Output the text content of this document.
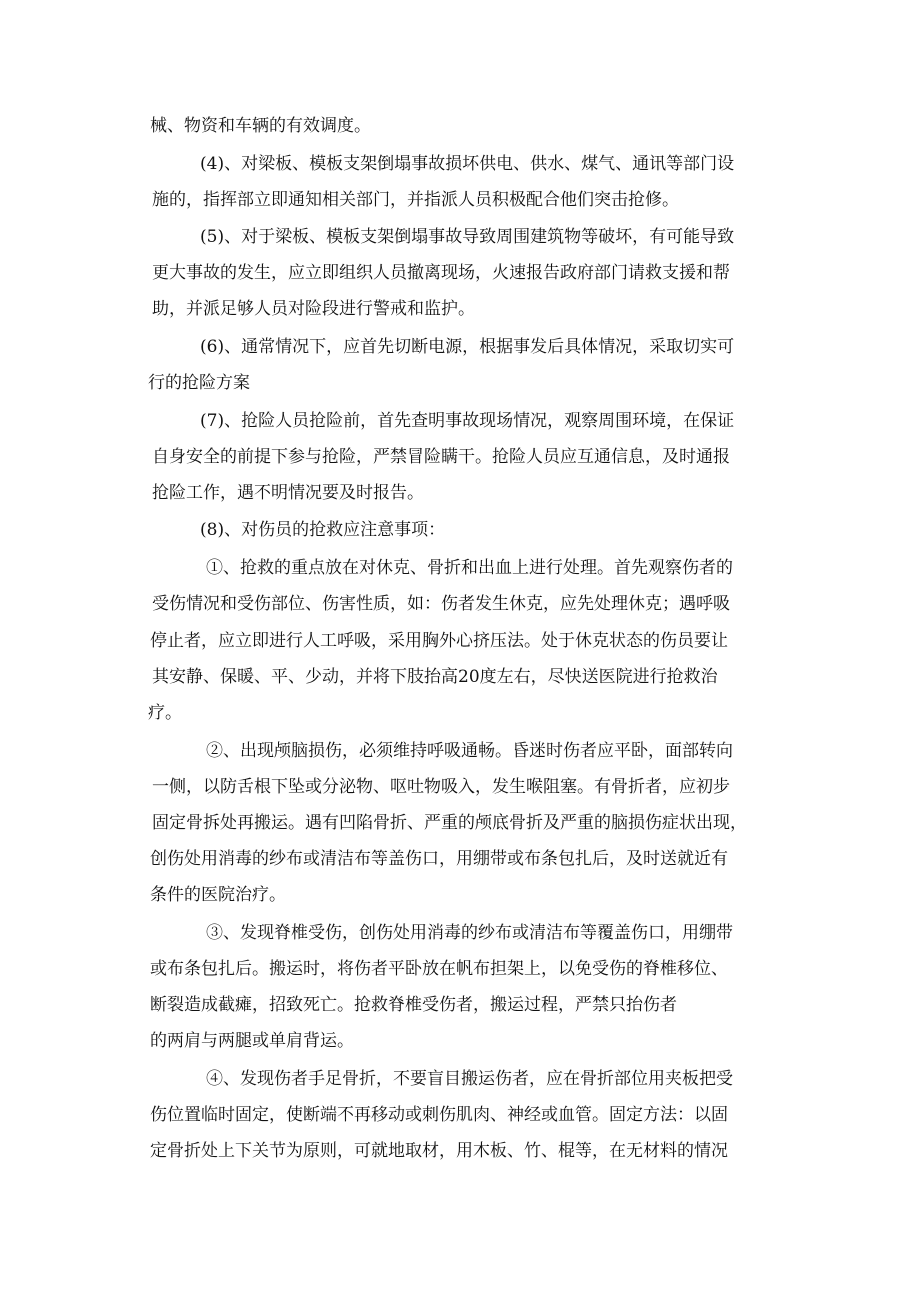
械、物资和车辆的有效调度。
(4)、对梁板、模板支架倒塌事故损坏供电、供水、煤气、通讯等部门设
施的，指挥部立即通知相关部门，并指派人员积极配合他们突击抢修。
(5)、对于梁板、模板支架倒塌事故导致周围建筑物等破坏，有可能导致
更大事故的发生，应立即组织人员撤离现场，火速报告政府部门请救支援和帮
助，并派足够人员对险段进行警戒和监护。
(6)、通常情况下，应首先切断电源，根据事发后具体情况，采取切实可
行的抢险方案
(7)、抢险人员抢险前，首先查明事故现场情况，观察周围环境，在保证
自身安全的前提下参与抢险，严禁冒险瞒干。抢险人员应互通信息，及时通报
抢险工作，遇不明情况要及时报告。
(8)、对伤员的抢救应注意事项：
①、抢救的重点放在对休克、骨折和出血上进行处理。首先观察伤者的
受伤情况和受伤部位、伤害性质，如：伤者发生休克，应先处理休克；遇呼吸
停止者，应立即进行人工呼吸，采用胸外心挤压法。处于休克状态的伤员要让
其安静、保暖、平、少动，并将下肢抬高20度左右，尽快送医院进行抢救治
疗。
②、出现颅脑损伤，必须维持呼吸通畅。昏迷时伤者应平卧，面部转向
一侧，以防舌根下坠或分泌物、呕吐物吸入，发生喉阻塞。有骨折者，应初步
固定骨拆处再搬运。遇有凹陷骨折、严重的颅底骨折及严重的脑损伤症状出现，
创伤处用消毒的纱布或清洁布等盖伤口，用绷带或布条包扎后，及时送就近有
条件的医院治疗。
③、发现脊椎受伤，创伤处用消毒的纱布或清洁布等覆盖伤口，用绷带
或布条包扎后。搬运时，将伤者平卧放在帆布担架上，以免受伤的脊椎移位、
断裂造成截瘫，招致死亡。抢救脊椎受伤者，搬运过程，严禁只抬伤者
的两肩与两腿或单肩背运。
④、发现伤者手足骨折，不要盲目搬运伤者，应在骨折部位用夹板把受
伤位置临时固定，使断端不再移动或刺伤肌肉、神经或血管。固定方法：以固
定骨折处上下关节为原则，可就地取材，用木板、竹、棍等，在无材料的情况
